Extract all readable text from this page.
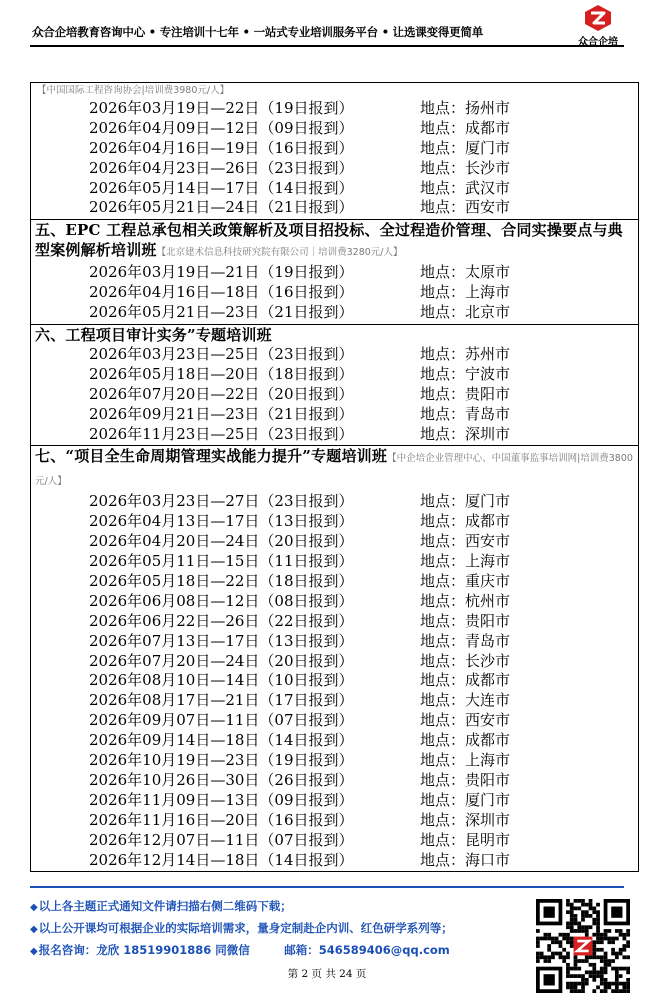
众合企培教育咨询中心 • 专注培训十七年 • 一站式专业培训服务平台 • 让选课变得更简单
众合企培
【中国国际工程咨询协会|培训费3980元/人】
2026年03月19日—22日（19日报到）	地点：扬州市
2026年04月09日—12日（09日报到）	地点：成都市
2026年04月16日—19日（16日报到）	地点：厦门市
2026年04月23日—26日（23日报到）	地点：长沙市
2026年05月14日—17日（14日报到）	地点：武汉市
2026年05月21日—24日（21日报到）	地点：西安市
五、EPC 工程总承包相关政策解析及项目招投标、全过程造价管理、合同实操要点与典型案例解析培训班【北京建术信息科技研究院有限公司｜培训费3280元/人】
2026年03月19日—21日（19日报到）	地点：太原市
2026年04月16日—18日（16日报到）	地点：上海市
2026年05月21日—23日（21日报到）	地点：北京市
六、工程项目审计实务”专题培训班
2026年03月23日—25日（23日报到）	地点：苏州市
2026年05月18日—20日（18日报到）	地点：宁波市
2026年07月20日—22日（20日报到）	地点：贵阳市
2026年09月21日—23日（21日报到）	地点：青岛市
2026年11月23日—25日（23日报到）	地点：深圳市
七、“项目全生命周期管理实战能力提升”专题培训班【中企培企业管理中心、中国董事监事培训网|培训费3800元/人】
2026年03月23日—27日（23日报到）	地点：厦门市
2026年04月13日—17日（13日报到）	地点：成都市
2026年04月20日—24日（20日报到）	地点：西安市
2026年05月11日—15日（11日报到）	地点：上海市
2026年05月18日—22日（18日报到）	地点：重庆市
2026年06月08日—12日（08日报到）	地点：杭州市
2026年06月22日—26日（22日报到）	地点：贵阳市
2026年07月13日—17日（13日报到）	地点：青岛市
2026年07月20日—24日（20日报到）	地点：长沙市
2026年08月10日—14日（10日报到）	地点：成都市
2026年08月17日—21日（17日报到）	地点：大连市
2026年09月07日—11日（07日报到）	地点：西安市
2026年09月14日—18日（14日报到）	地点：成都市
2026年10月19日—23日（19日报到）	地点：上海市
2026年10月26日—30日（26日报到）	地点：贵阳市
2026年11月09日—13日（09日报到）	地点：厦门市
2026年11月16日—20日（16日报到）	地点：深圳市
2026年12月07日—11日（07日报到）	地点：昆明市
2026年12月14日—18日（14日报到）	地点：海口市
◆以上各主题正式通知文件请扫描右侧二维码下载；
◆以上公开课均可根据企业的实际培训需求，量身定制赴企内训、红色研学系列等；
◆报名咨询：龙欣 18519901886 同微信　　　邮箱：546589406@qq.com
第 2 页 共 24 页
